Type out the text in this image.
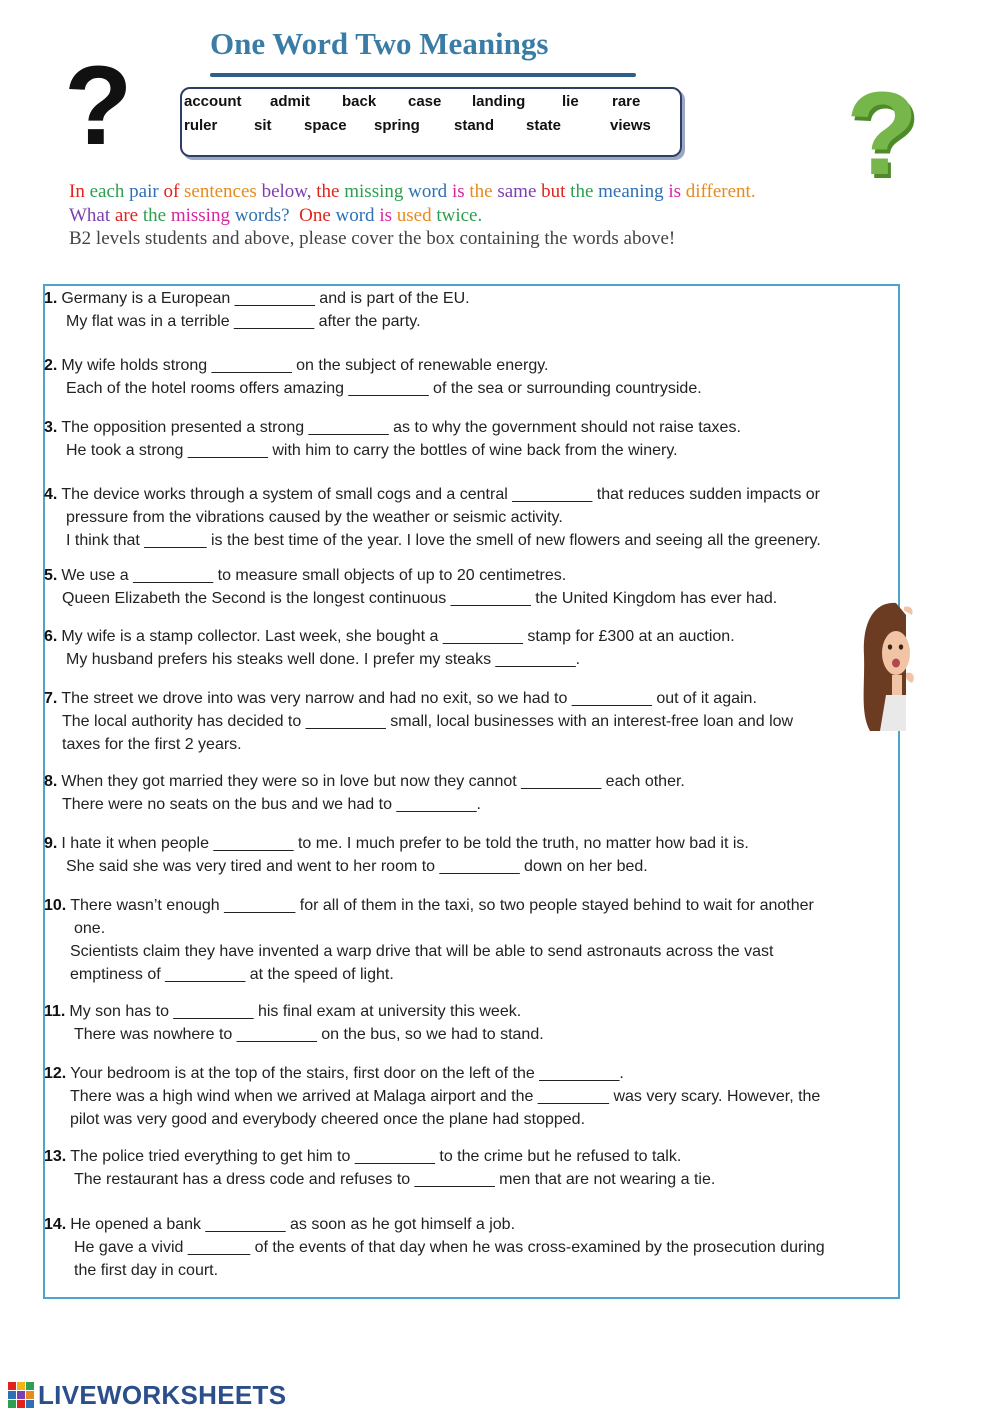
One Word Two Meanings
?	?
account admit back case landing lie rare
ruler sit space spring stand state	views
In each pair of sentences below, the missing word is the same but the meaning is different.
What are the missing words?  One word is used twice.
B2 levels students and above, please cover the box containing the words above!
1. Germany is a European _________ and is part of the EU.
My flat was in a terrible _________ after the party.
2. My wife holds strong _________ on the subject of renewable energy.
Each of the hotel rooms offers amazing _________ of the sea or surrounding countryside.
3. The opposition presented a strong _________ as to why the government should not raise taxes.
He took a strong _________ with him to carry the bottles of wine back from the winery.
4. The device works through a system of small cogs and a central _________ that reduces sudden impacts or
pressure from the vibrations caused by the weather or seismic activity.
I think that _______ is the best time of the year. I love the smell of new flowers and seeing all the greenery.
5. We use a _________ to measure small objects of up to 20 centimetres.
Queen Elizabeth the Second is the longest continuous _________ the United Kingdom has ever had.
6. My wife is a stamp collector. Last week, she bought a _________ stamp for £300 at an auction.
My husband prefers his steaks well done. I prefer my steaks _________.
7. The street we drove into was very narrow and had no exit, so we had to _________ out of it again.
The local authority has decided to _________ small, local businesses with an interest-free loan and low
taxes for the first 2 years.
8. When they got married they were so in love but now they cannot _________ each other.
There were no seats on the bus and we had to _________.
9. I hate it when people _________ to me. I much prefer to be told the truth, no matter how bad it is.
She said she was very tired and went to her room to _________ down on her bed.
10. There wasn’t enough ________ for all of them in the taxi, so two people stayed behind to wait for another
one.
Scientists claim they have invented a warp drive that will be able to send astronauts across the vast
emptiness of _________ at the speed of light.
11. My son has to _________ his final exam at university this week.
There was nowhere to _________ on the bus, so we had to stand.
12. Your bedroom is at the top of the stairs, first door on the left of the _________.
There was a high wind when we arrived at Malaga airport and the ________ was very scary. However, the
pilot was very good and everybody cheered once the plane had stopped.
13. The police tried everything to get him to _________ to the crime but he refused to talk.
The restaurant has a dress code and refuses to _________ men that are not wearing a tie.
14. He opened a bank _________ as soon as he got himself a job.
He gave a vivid _______ of the events of that day when he was cross-examined by the prosecution during
the first day in court.
LIVEWORKSHEETS
